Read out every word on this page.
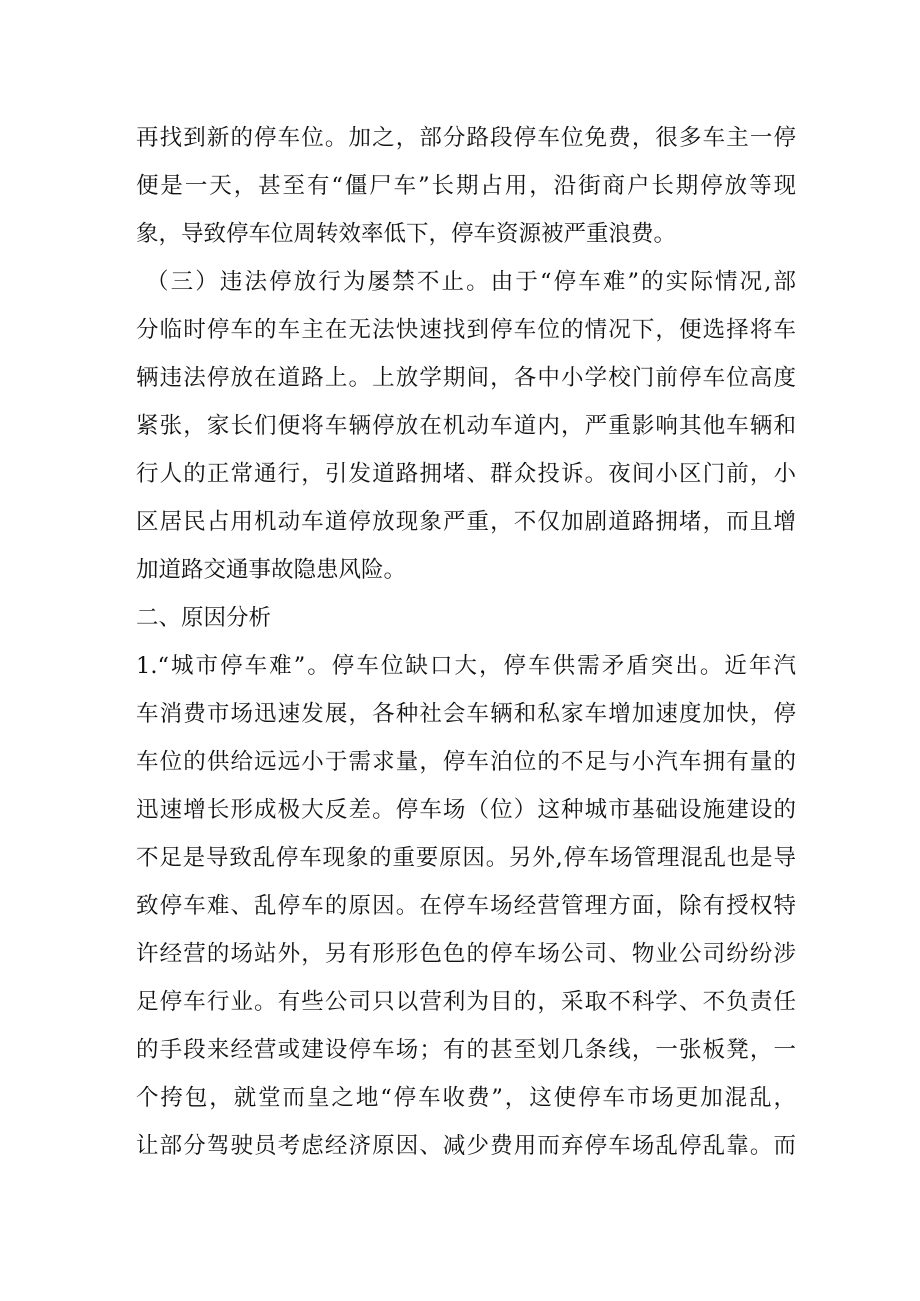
再找到新的停车位。加之，部分路段停车位免费，很多车主一停
便是一天，甚至有“僵尸车”长期占用，沿街商户长期停放等现
象，导致停车位周转效率低下，停车资源被严重浪费。
（三）违法停放行为屡禁不止。由于“停车难”的实际情况,部
分临时停车的车主在无法快速找到停车位的情况下，便选择将车
辆违法停放在道路上。上放学期间，各中小学校门前停车位高度
紧张，家长们便将车辆停放在机动车道内，严重影响其他车辆和
行人的正常通行，引发道路拥堵、群众投诉。夜间小区门前，小
区居民占用机动车道停放现象严重，不仅加剧道路拥堵，而且增
加道路交通事故隐患风险。
二、原因分析
1.“城市停车难”。停车位缺口大，停车供需矛盾突出。近年汽
车消费市场迅速发展，各种社会车辆和私家车增加速度加快，停
车位的供给远远小于需求量，停车泊位的不足与小汽车拥有量的
迅速增长形成极大反差。停车场（位）这种城市基础设施建设的
不足是导致乱停车现象的重要原因。另外,停车场管理混乱也是导
致停车难、乱停车的原因。在停车场经营管理方面，除有授权特
许经营的场站外，另有形形色色的停车场公司、物业公司纷纷涉
足停车行业。有些公司只以营利为目的，采取不科学、不负责任
的手段来经营或建设停车场；有的甚至划几条线，一张板凳，一
个挎包，就堂而皇之地“停车收费”，这使停车市场更加混乱，
让部分驾驶员考虑经济原因、减少费用而弃停车场乱停乱靠。而
